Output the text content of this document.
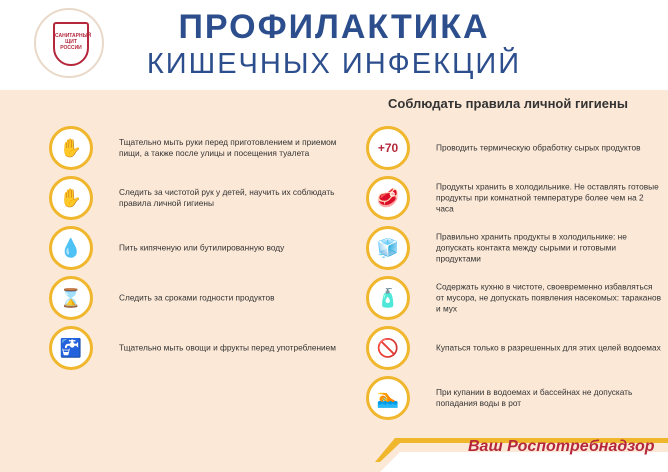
САНИТАРНЫЙ ЩИТ РОССИИ
ПРОФИЛАКТИКА
КИШЕЧНЫХ ИНФЕКЦИЙ
Соблюдать правила личной гигиены
✋	Тщательно мыть руки перед приготовлением и приемом пищи, а также после улицы и посещения туалета
✋	Следить за чистотой рук у детей, научить их соблюдать правила личной гигиены
💧	Пить кипяченую или бутилированную воду
⌛	Следить за сроками годности продуктов
🚰	Тщательно мыть овощи и фрукты перед употреблением
+70	Проводить термическую обработку сырых продуктов
🥩
Продукты хранить в холодильнике. Не оставлять готовые продукты при комнатной температуре более чем на 2 часа
🧊
Правильно хранить продукты в холодильнике: не допускать контакта между сырыми и готовыми продуктами
🧴
Содержать кухню в чистоте, своевременно избавляться от мусора, не допускать появления насекомых: тараканов и мух
🚫	Купаться только в разрешенных для этих целей водоемах
🏊	При купании в водоемах и бассейнах не допускать попадания воды в рот
Ваш Роспотребнадзор
